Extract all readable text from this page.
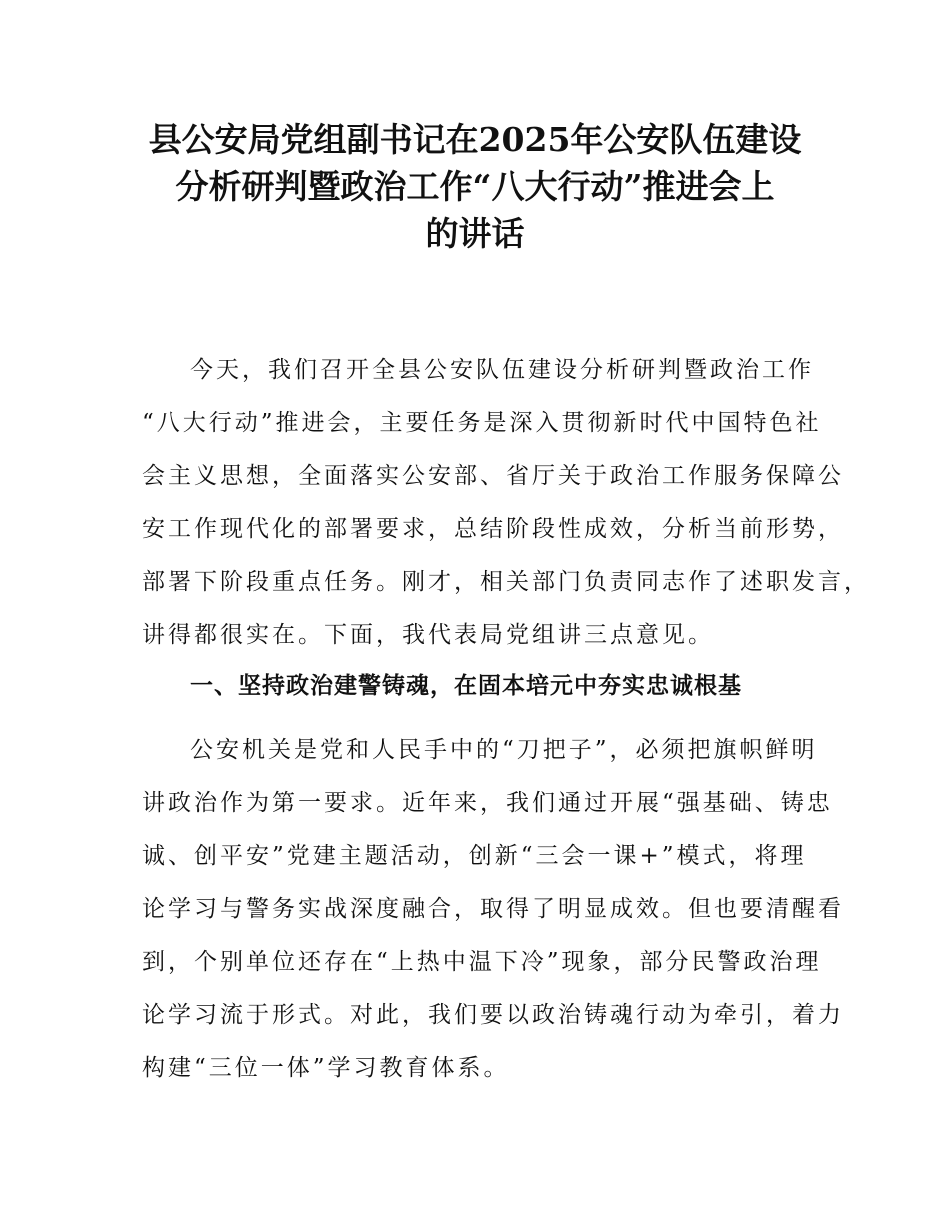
县公安局党组副书记在2025年公安队伍建设
分析研判暨政治工作“八大行动”推进会上
的讲话

今天，我们召开全县公安队伍建设分析研判暨政治工作
“八大行动”推进会，主要任务是深入贯彻新时代中国特色社
会主义思想，全面落实公安部、省厅关于政治工作服务保障公
安工作现代化的部署要求，总结阶段性成效，分析当前形势，
部署下阶段重点任务。刚才，相关部门负责同志作了述职发言，
讲得都很实在。下面，我代表局党组讲三点意见。

一、坚持政治建警铸魂，在固本培元中夯实忠诚根基

公安机关是党和人民手中的“刀把子”，必须把旗帜鲜明
讲政治作为第一要求。近年来，我们通过开展“强基础、铸忠
诚、创平安”党建主题活动，创新“三会一课+”模式，将理
论学习与警务实战深度融合，取得了明显成效。但也要清醒看
到，个别单位还存在“上热中温下冷”现象，部分民警政治理
论学习流于形式。对此，我们要以政治铸魂行动为牵引，着力
构建“三位一体”学习教育体系。
